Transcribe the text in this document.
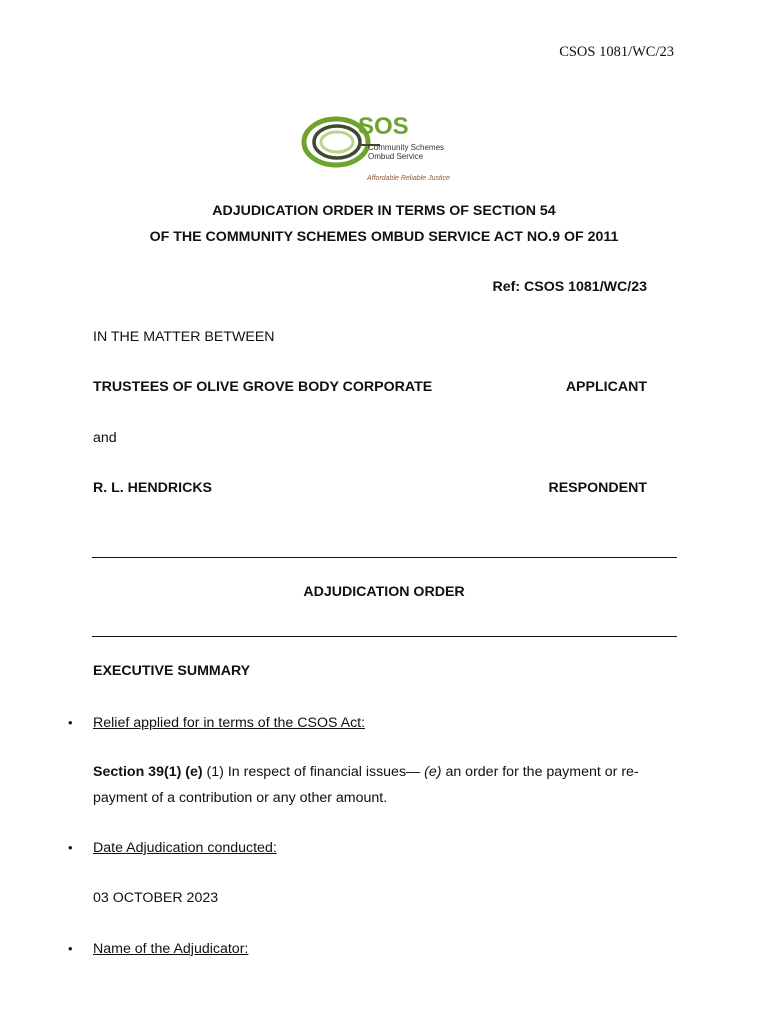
CSOS 1081/WC/23
SOS
Community Schemes
Ombud Service
Affordable Reliable Justice
ADJUDICATION ORDER IN TERMS OF SECTION 54
OF THE COMMUNITY SCHEMES OMBUD SERVICE ACT NO.9 OF 2011
Ref: CSOS 1081/WC/23
IN THE MATTER BETWEEN
TRUSTEES OF OLIVE GROVE BODY CORPORATE	APPLICANT
and
R. L. HENDRICKS	RESPONDENT
ADJUDICATION ORDER
EXECUTIVE SUMMARY
• Relief applied for in terms of the CSOS Act:
Section 39(1) (e) (1) In respect of financial issues— (e) an order for the payment or re-payment of a contribution or any other amount.
• Date Adjudication conducted:
03 OCTOBER 2023
• Name of the Adjudicator:
